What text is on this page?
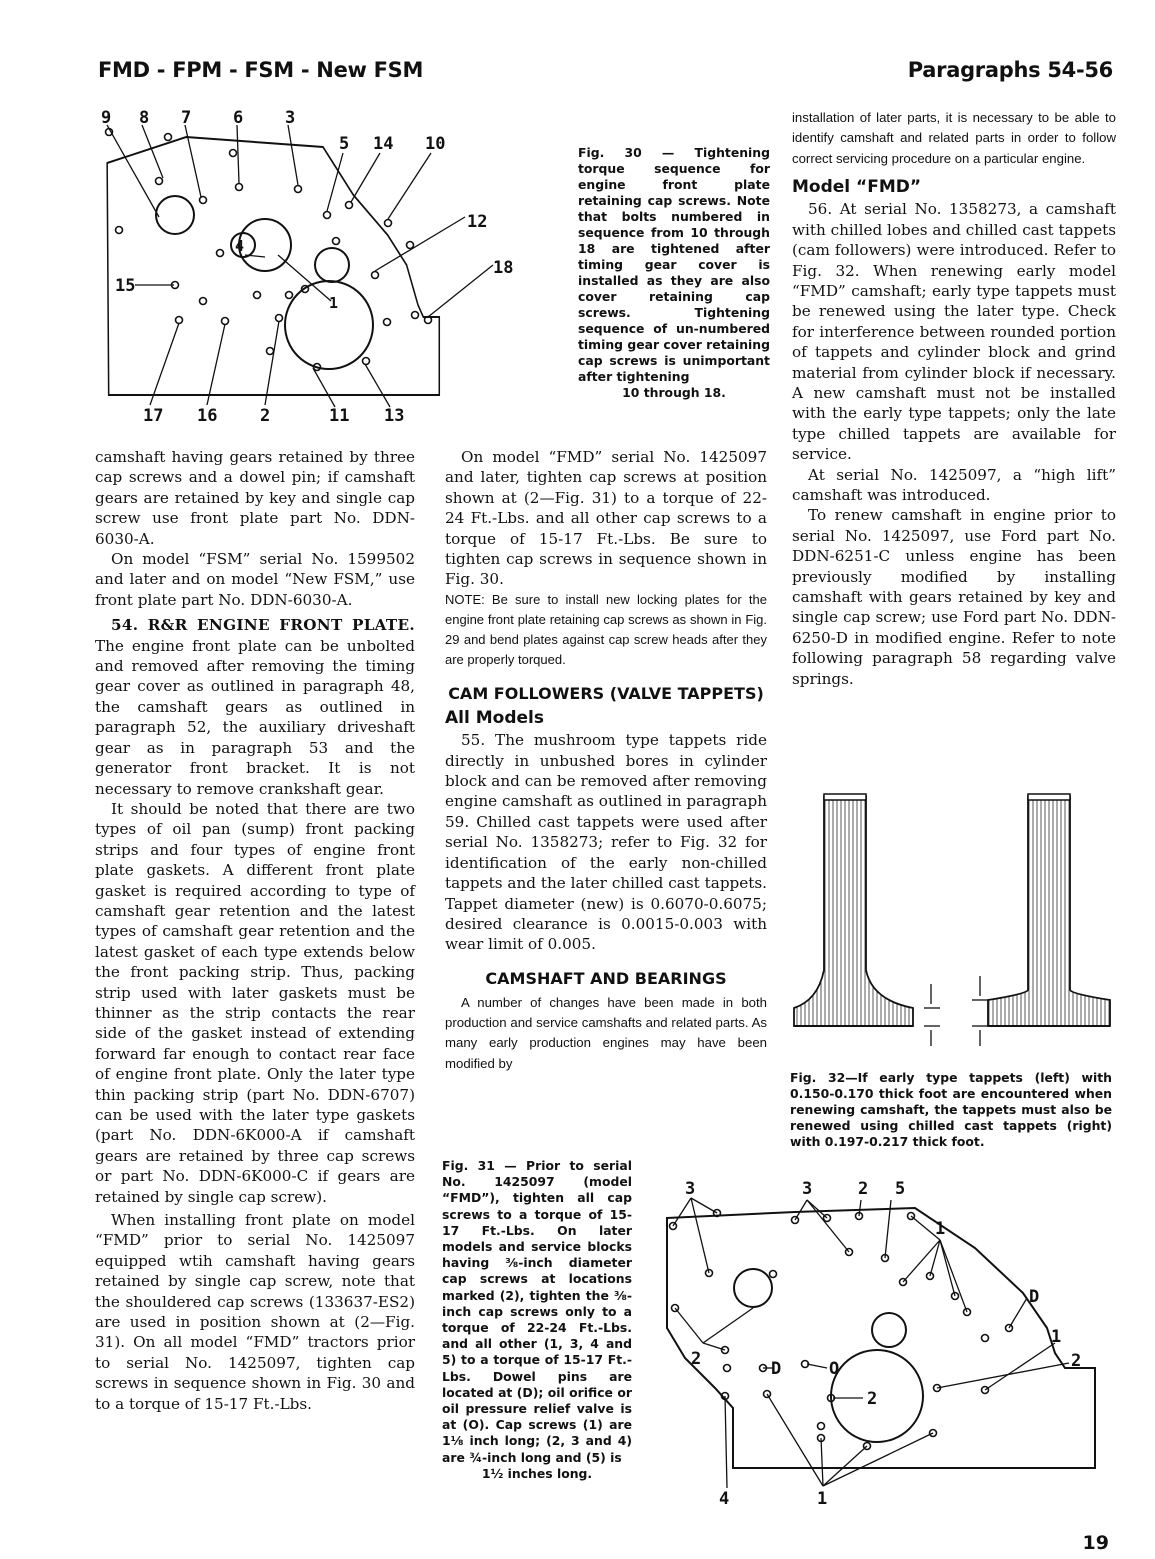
FMD - FPM - FSM - New FSM	Paragraphs 54-56
9 8 7 6 3
5 14 10
12
18
4
1
15
17 16	2	11 13
Fig. 30 — Tightening torque sequence for engine front plate retaining cap screws. Note that bolts numbered in sequence from 10 through 18 are tightened after timing gear cover is installed as they are also cover retaining cap screws. Tightening sequence of un-numbered timing gear cover retaining cap screws is unimportant after tightening
10 through 18.

camshaft having gears retained by three cap screws and a dowel pin; if camshaft gears are retained by key and single cap screw use front plate part No. DDN-6030-A.

On model “FSM” serial No. 1599502 and later and on model “New FSM,” use front plate part No. DDN-6030-A.

54. R&R ENGINE FRONT PLATE. The engine front plate can be unbolted and removed after removing the timing gear cover as outlined in paragraph 48, the camshaft gears as outlined in paragraph 52, the auxiliary driveshaft gear as in paragraph 53 and the generator front bracket. It is not necessary to remove crankshaft gear.

It should be noted that there are two types of oil pan (sump) front packing strips and four types of engine front plate gaskets. A different front plate gasket is required according to type of camshaft gear retention and the latest types of camshaft gear retention and the latest gasket of each type extends below the front packing strip. Thus, packing strip used with later gaskets must be thinner as the strip contacts the rear side of the gasket instead of extending forward far enough to contact rear face of engine front plate. Only the later type thin packing strip (part No. DDN-6707) can be used with the later type gaskets (part No. DDN-6K000-A if camshaft gears are retained by three cap screws or part No. DDN-6K000-C if gears are retained by single cap screw).

When installing front plate on model “FMD” prior to serial No. 1425097 equipped wtih camshaft having gears retained by single cap screw, note that the shouldered cap screws (133637-ES2) are used in position shown at (2—Fig. 31). On all model “FMD” tractors prior to serial No. 1425097, tighten cap screws in sequence shown in Fig. 30 and to a torque of 15-17 Ft.-Lbs.

On model “FMD” serial No. 1425097 and later, tighten cap screws at position shown at (2—Fig. 31) to a torque of 22-24 Ft.-Lbs. and all other cap screws to a torque of 15-17 Ft.-Lbs. Be sure to tighten cap screws in sequence shown in Fig. 30.

NOTE: Be sure to install new locking plates for the engine front plate retaining cap screws as shown in Fig. 29 and bend plates against cap screw heads after they are properly torqued.

CAM FOLLOWERS (VALVE TAPPETS)
All Models

55. The mushroom type tappets ride directly in unbushed bores in cylinder block and can be removed after removing engine camshaft as outlined in paragraph 59. Chilled cast tappets were used after serial No. 1358273; refer to Fig. 32 for identification of the early non-chilled tappets and the later chilled cast tappets. Tappet diameter (new) is 0.6070-0.6075; desired clearance is 0.0015-0.003 with wear limit of 0.005.

CAMSHAFT AND BEARINGS

A number of changes have been made in both production and service camshafts and related parts. As many early production engines may have been modified by

Fig. 31 — Prior to serial No. 1425097 (model “FMD”), tighten all cap screws to a torque of 15-17 Ft.-Lbs. On later models and service blocks having ⅜-inch diameter cap screws at locations marked (2), tighten the ⅜-inch cap screws only to a torque of 22-24 Ft.-Lbs. and all other (1, 3, 4 and 5) to a torque of 15-17 Ft.-Lbs. Dowel pins are located at (D); oil orifice or oil pressure relief valve is at (O). Cap screws (1) are 1⅛ inch long; (2, 3 and 4) are ¾-inch long and (5) is
1½ inches long.
3	3	2 5
1
D
1
2
2	D	O
2
4	1

installation of later parts, it is necessary to be able to identify camshaft and related parts in order to follow correct servicing procedure on a particular engine.

Model “FMD”

56. At serial No. 1358273, a camshaft with chilled lobes and chilled cast tappets (cam followers) were introduced. Refer to Fig. 32. When renewing early model “FMD” camshaft; early type tappets must be renewed using the later type. Check for interference between rounded portion of tappets and cylinder block and grind material from cylinder block if necessary. A new camshaft must not be installed with the early type tappets; only the late type chilled tappets are available for service.

At serial No. 1425097, a “high lift” camshaft was introduced.

To renew camshaft in engine prior to serial No. 1425097, use Ford part No. DDN-6251-C unless engine has been previously modified by installing camshaft with gears retained by key and single cap screw; use Ford part No. DDN-6250-D in modified engine. Refer to note following paragraph 58 regarding valve springs.

Fig. 32—If early type tappets (left) with 0.150-0.170 thick foot are encountered when renewing camshaft, the tappets must also be renewed using chilled cast tappets (right) with 0.197-0.217 thick foot.
19
